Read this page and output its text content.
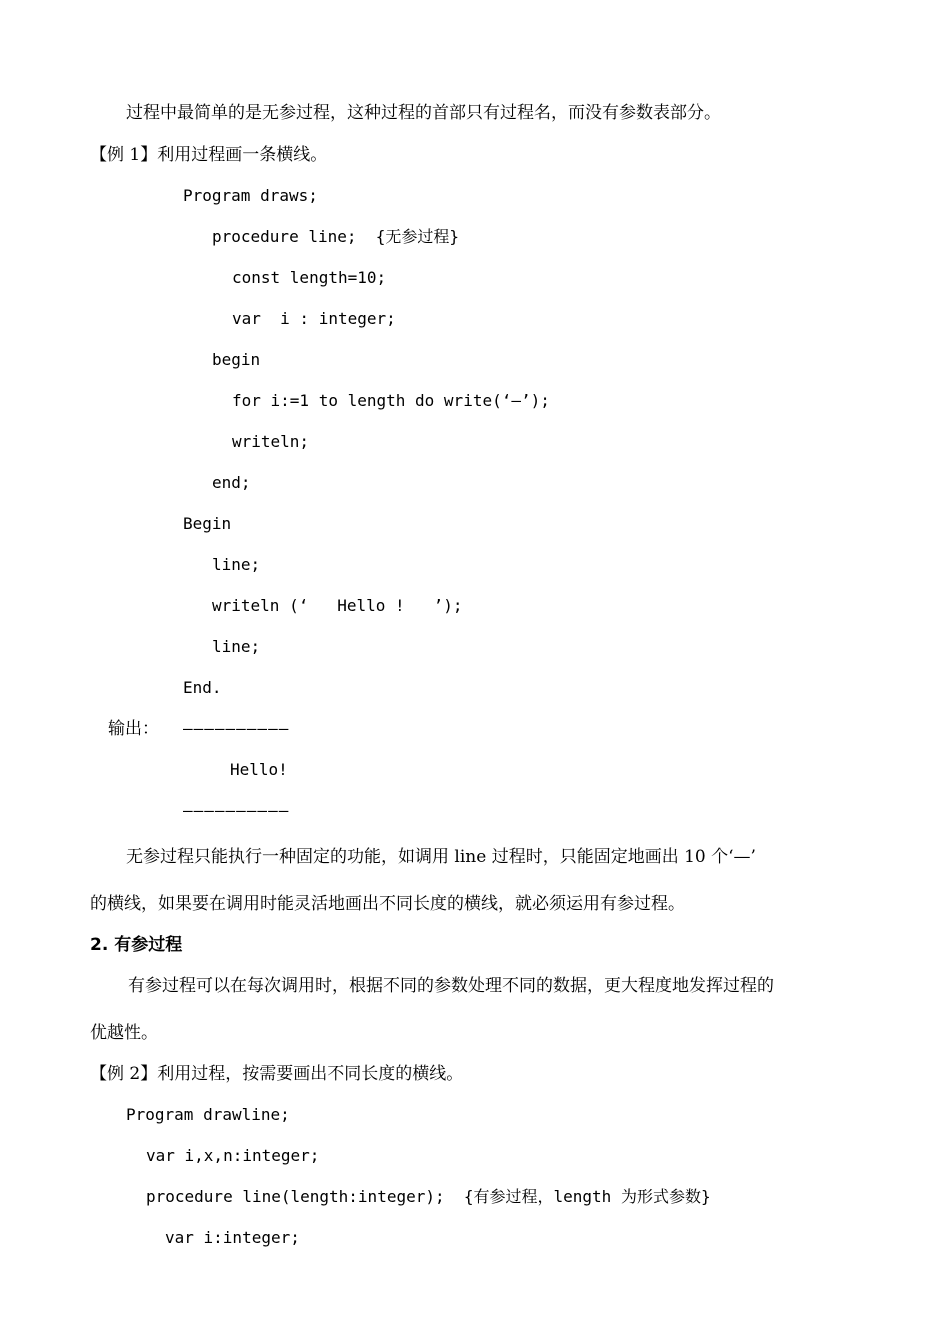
过程中最简单的是无参过程，这种过程的首部只有过程名，而没有参数表部分。
【例 1】利用过程画一条横线。
Program draws;
procedure line;  {无参过程}
const length=10;
var  i : integer;
begin
for i:=1 to length do write(‘—’);
writeln;
end;
Begin
line;
writeln (‘   Hello !   ’);
line;
End.
输出： ——————————
Hello!
——————————
无参过程只能执行一种固定的功能，如调用 line 过程时，只能固定地画出 10 个‘—’
的横线，如果要在调用时能灵活地画出不同长度的横线，就必须运用有参过程。
2. 有参过程
有参过程可以在每次调用时，根据不同的参数处理不同的数据，更大程度地发挥过程的
优越性。
【例 2】利用过程，按需要画出不同长度的横线。
Program drawline;
var i,x,n:integer;
procedure line(length:integer);  {有参过程，length 为形式参数}
var i:integer;
